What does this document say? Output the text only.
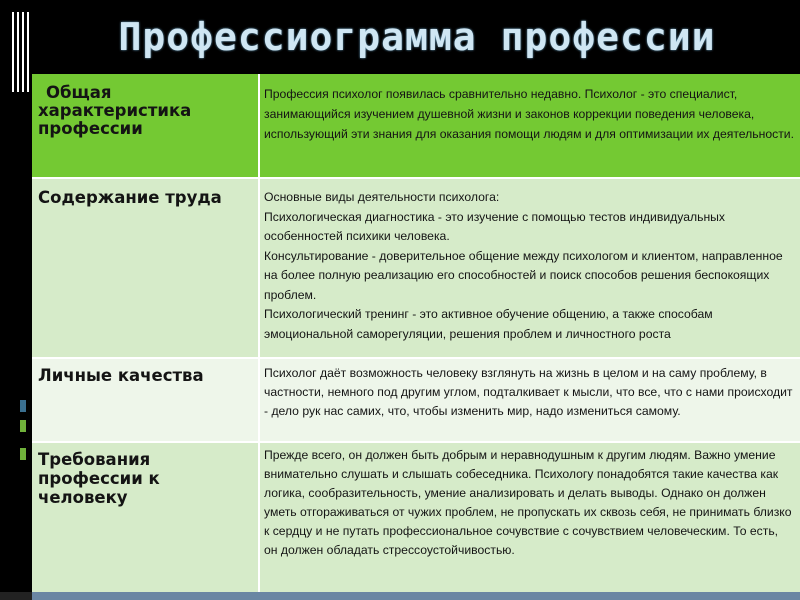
Профессиограмма профессии
Общая
характеристика профессии
Профессия психолог появилась сравнительно недавно. Психолог - это специалист, занимающийся изучением душевной жизни и законов коррекции поведения человека, использующий эти знания для оказания помощи людям и для оптимизации их деятельности.
Содержание труда	Основные виды деятельности психолога:
Психологическая диагностика - это изучение с помощью тестов индивидуальных особенностей психики человека.
Консультирование - доверительное общение между психологом и клиентом, направленное на более полную реализацию его способностей и поиск способов решения беспокоящих проблем.
Психологический тренинг - это активное обучение общению, а также способам эмоциональной саморегуляции, решения проблем и личностного роста
Личные качества	Психолог даёт возможность человеку взглянуть на жизнь в целом и на саму проблему, в частности, немного под другим углом, подталкивает к мысли, что все, что с нами происходит - дело рук нас самих, что, чтобы изменить мир, надо измениться самому.
Требования профессии к человеку
Прежде всего, он должен быть добрым и неравнодушным к другим людям. Важно умение внимательно слушать и слышать собеседника. Психологу понадобятся такие качества как логика, сообразительность, умение анализировать и делать выводы. Однако он должен уметь отгораживаться от чужих проблем, не пропускать их сквозь себя, не принимать близко к сердцу и не путать профессиональное сочувствие с сочувствием человеческим. То есть, он должен обладать стрессоустойчивостью.
